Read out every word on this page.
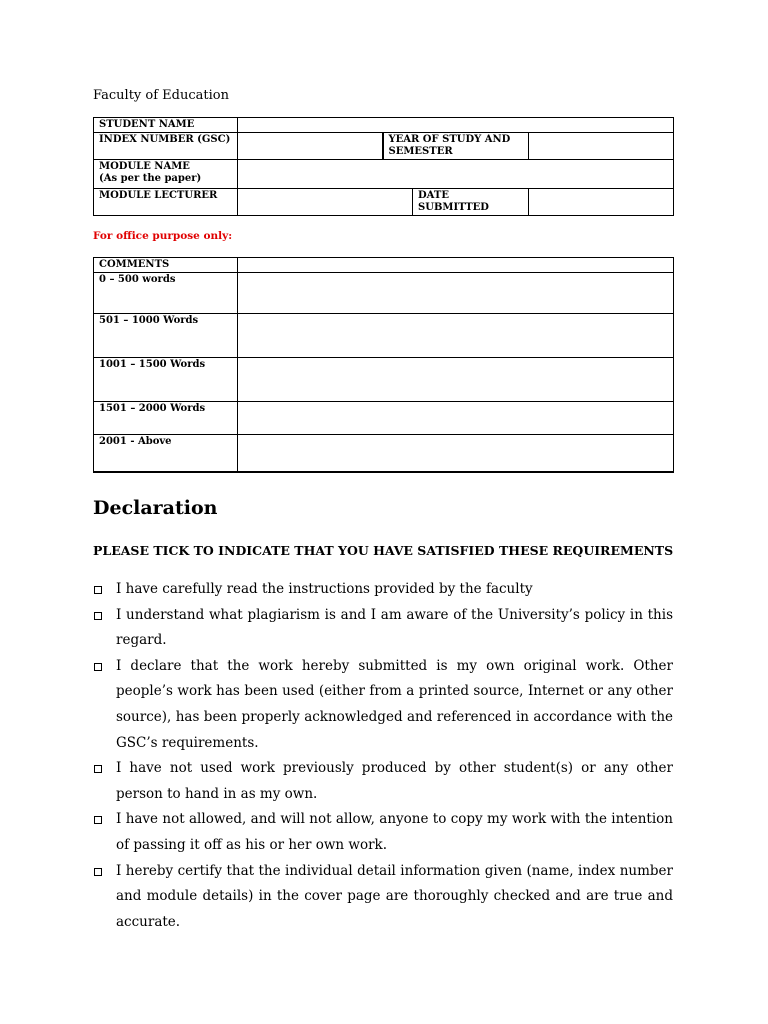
Faculty of Education
STUDENT NAME				
INDEX NUMBER (GSC)		YEAR OF STUDY AND
SEMESTER		
MODULE NAME
(As per the paper)				
MODULE LECTURER			DATE SUBMITTED	
For office purpose only:
COMMENTS	
0 – 500 words	
501 – 1000 Words	
1001 – 1500 Words	
1501 – 2000 Words	
2001 - Above	
Declaration
PLEASE TICK TO INDICATE THAT YOU HAVE SATISFIED THESE REQUIREMENTS
I have carefully read the instructions provided by the faculty
I understand what plagiarism is and I am aware of the University’s policy in this regard.
I declare that the work hereby submitted is my own original work. Other people’s work has been used (either from a printed source, Internet or any other source), has been properly acknowledged and referenced in accordance with the GSC’s requirements.
I have not used work previously produced by other student(s) or any other person to hand in as my own.
I have not allowed, and will not allow, anyone to copy my work with the intention of passing it off as his or her own work.
I hereby certify that the individual detail information given (name, index number and module details) in the cover page are thoroughly checked and are true and accurate.
